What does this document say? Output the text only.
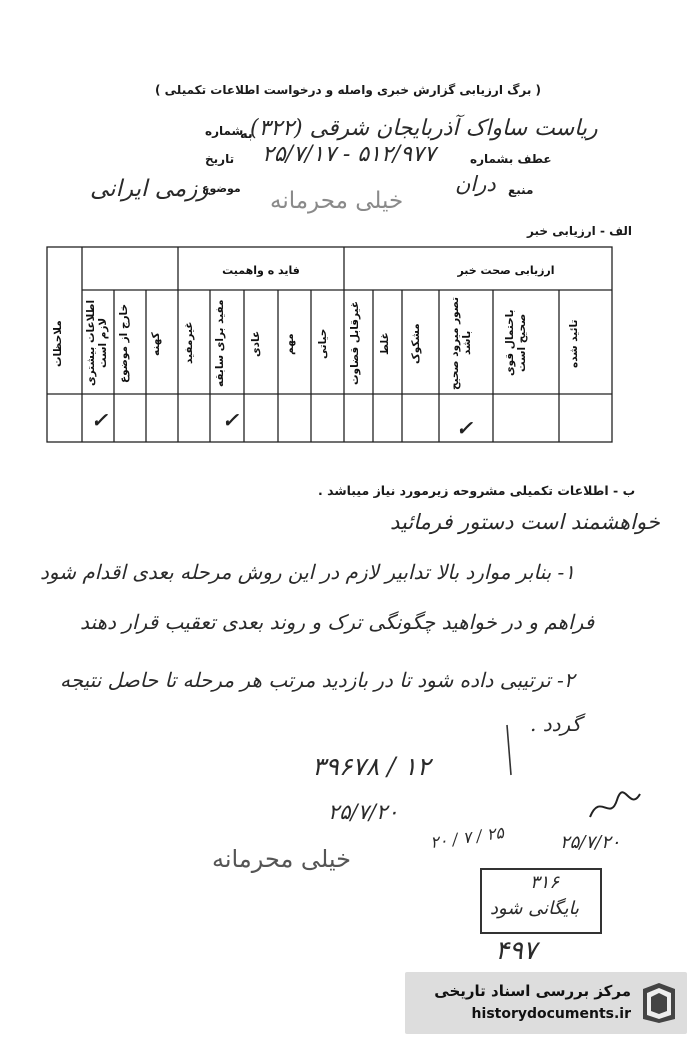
( برگ ارزیابی گزارش خبری واصله و درخواست اطلاعات تکمیلی )
به
ریاست ساواک آذربایجان شرقی (۳۲۲)
شماره
تاریخ
موضوع
عطف بشماره
۲۵/۷/۱۷ - ۵۱۲/۹۷۷
منبع
دران
رزمی ایرانی	خیلی محرمانه
الف - ارزیابی خبر
ارزیابی صحت خبر
فاید ه واهمیت
تائید شده
باحتمال قوی صحیح است
تصور میرود صحیح باشد
مشکوک
غلط
غیرقابل قضاوت
حیاتی
مهم
عادی
مفید برای سابقه
غیرمفید
کهنه
خارج از موضوع
اطلاعات بیشتری لازم است
ملاحظات
✓
✓
✓
ب - اطلاعات تکمیلی مشروحه زیرمورد نیاز میباشد .
خواهشمند است دستور فرمائید
۱- بنابر موارد بالا تدابیر لازم در این روش مرحله بعدی اقدام شود
فراهم و در خواهید چگونگی ترک و روند بعدی تعقیب قرار دهند
۲- ترتیبی داده شود تا در بازدید مرتب هر مرحله تا حاصل نتیجه
گردد .
۳۹۶۷۸ / ۱۲
۲۵/۷/۲۰
۲۵/۷/۲۰
۲۰ / ۷ / ۲۵
خیلی محرمانه
۳۱۶
بایگانی شود
۴۹۷
مرکز بررسی اسناد تاریخی
historydocuments.ir
